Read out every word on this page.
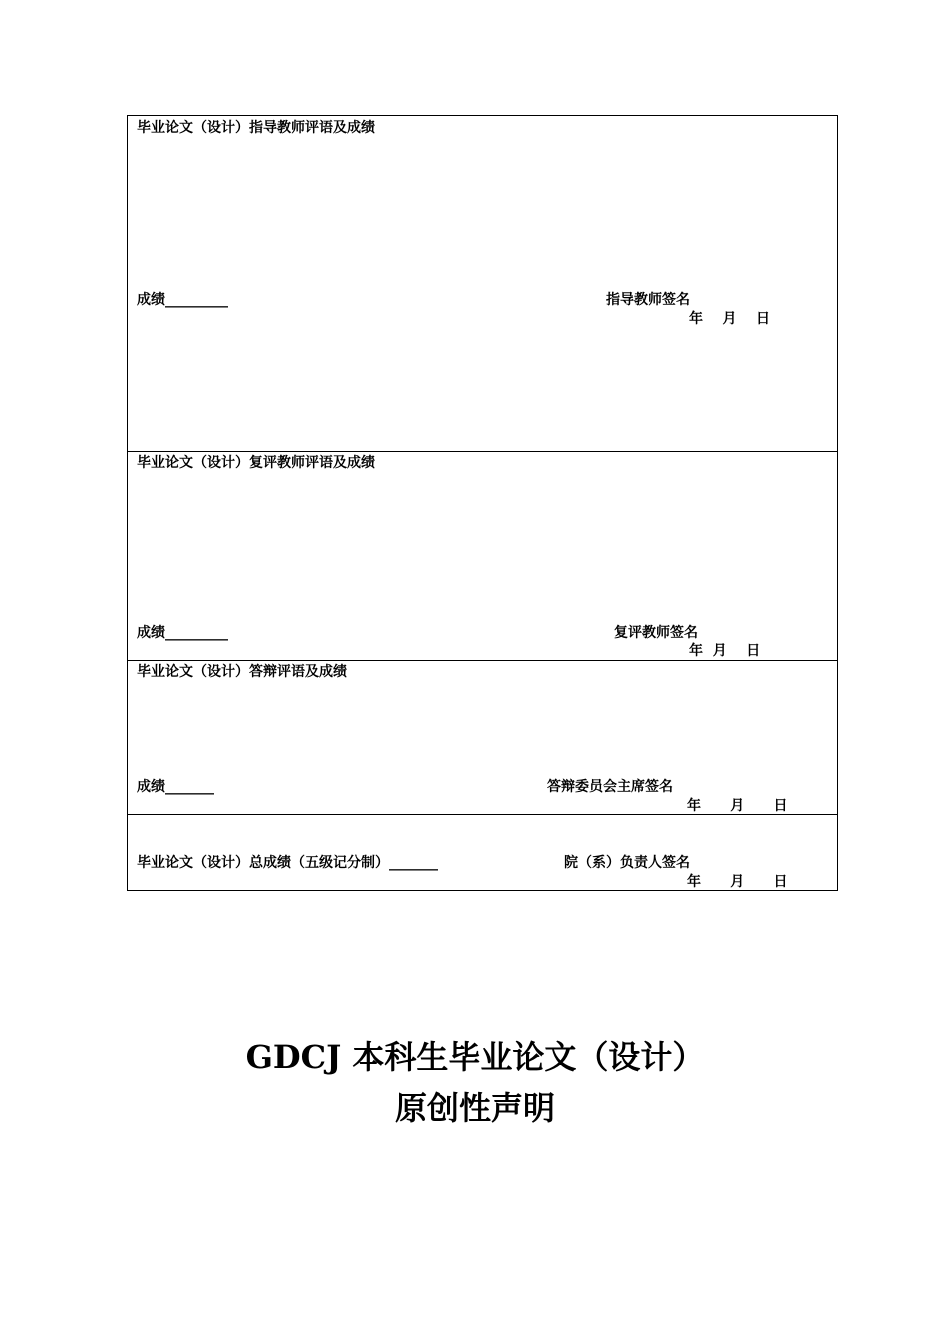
毕业论文（设计）指导教师评语及成绩
成绩_________	指导教师签名
年    月    日
毕业论文（设计）复评教师评语及成绩
成绩_________	复评教师签名
年  月    日
毕业论文（设计）答辩评语及成绩
成绩_______	答辩委员会主席签名
年      月      日
毕业论文（设计）总成绩（五级记分制）_______	院（系）负责人签名
年      月      日
GDCJ 本科生毕业论文（设计）
原创性声明
